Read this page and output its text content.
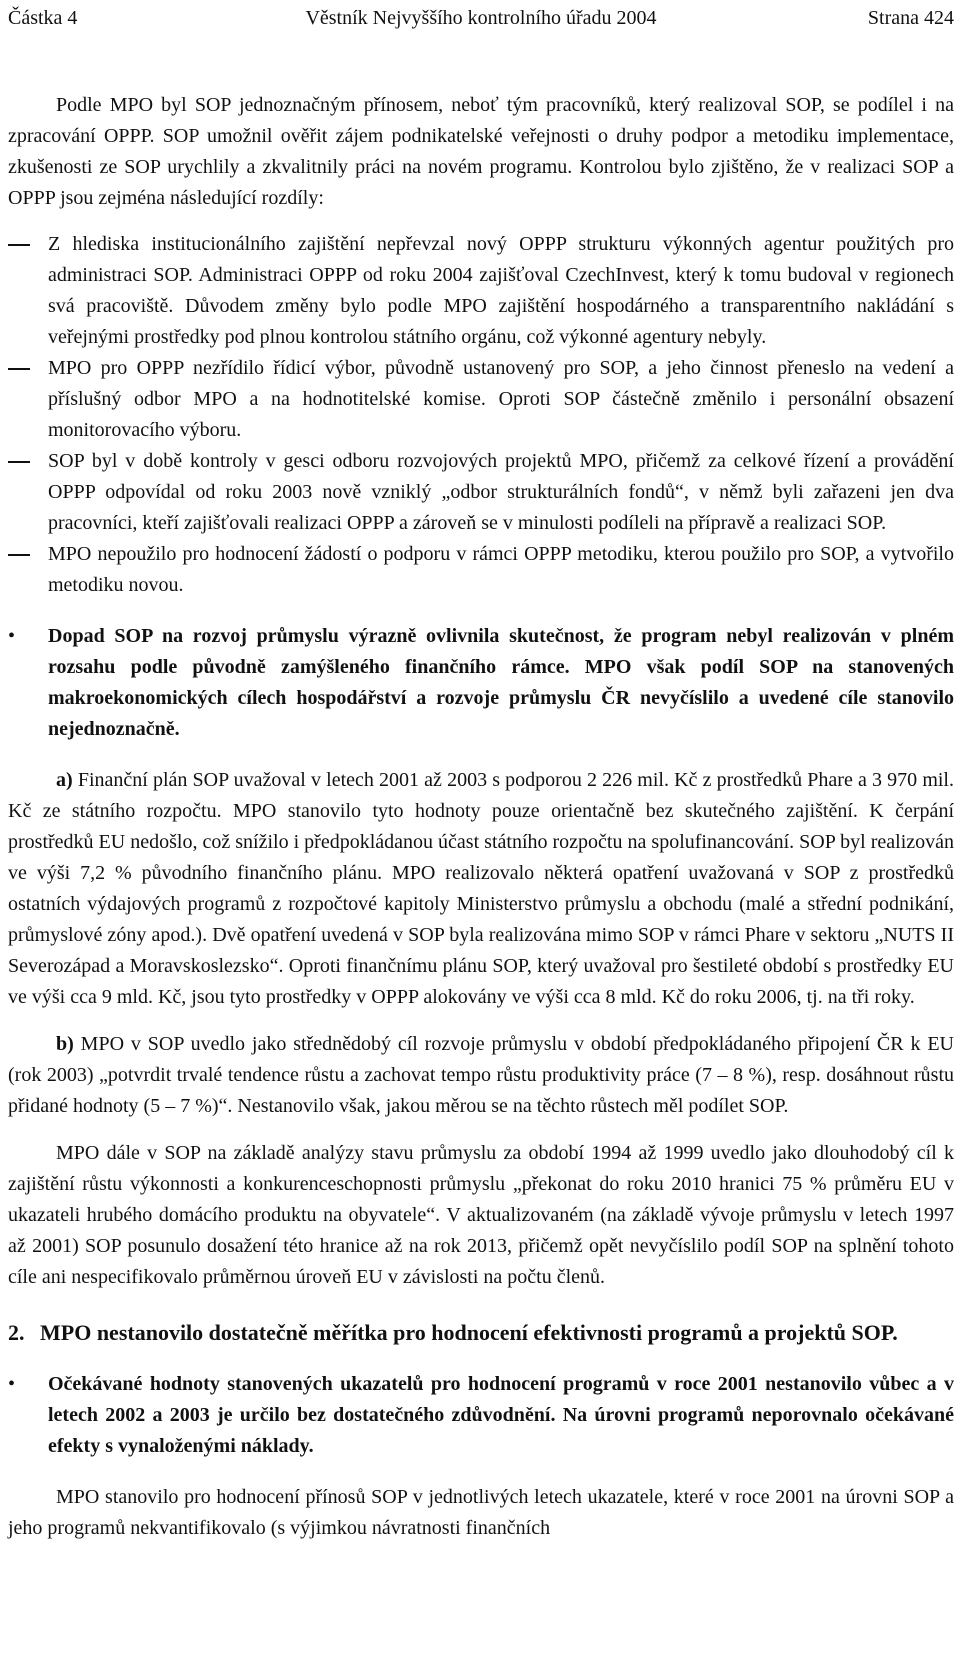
Částka 4	Věstník Nejvyššího kontrolního úřadu 2004	Strana 424

Podle MPO byl SOP jednoznačným přínosem, neboť tým pracovníků, který realizoval SOP, se podílel i na zpracování OPPP. SOP umožnil ověřit zájem podnikatelské veřejnosti o druhy podpor a metodiku implementace, zkušenosti ze SOP urychlily a zkvalitnily práci na novém programu. Kontrolou bylo zjištěno, že v realizaci SOP a OPPP jsou zejména následující rozdíly:

Z hlediska institucionálního zajištění nepřevzal nový OPPP strukturu výkonných agentur použitých pro administraci SOP. Administraci OPPP od roku 2004 zajišťoval CzechInvest, který k tomu budoval v regionech svá pracoviště. Důvodem změny bylo podle MPO zajištění hospodárného a transparentního nakládání s veřejnými prostředky pod plnou kontrolou státního orgánu, což výkonné agentury nebyly.
MPO pro OPPP nezřídilo řídicí výbor, původně ustanovený pro SOP, a jeho činnost přeneslo na vedení a příslušný odbor MPO a na hodnotitelské komise. Oproti SOP částečně změnilo i personální obsazení monitorovacího výboru.
SOP byl v době kontroly v gesci odboru rozvojových projektů MPO, přičemž za celkové řízení a provádění OPPP odpovídal od roku 2003 nově vzniklý „odbor strukturálních fondů“, v němž byli zařazeni jen dva pracovníci, kteří zajišťovali realizaci OPPP a zároveň se v minulosti podíleli na přípravě a realizaci SOP.
MPO nepoužilo pro hodnocení žádostí o podporu v rámci OPPP metodiku, kterou použilo pro SOP, a vytvořilo metodiku novou.
• Dopad SOP na rozvoj průmyslu výrazně ovlivnila skutečnost, že program nebyl realizován v plném rozsahu podle původně zamýšleného finančního rámce. MPO však podíl SOP na stanovených makroekonomických cílech hospodářství a rozvoje průmyslu ČR nevyčíslilo a uvedené cíle stanovilo nejednoznačně.

a) Finanční plán SOP uvažoval v letech 2001 až 2003 s podporou 2 226 mil. Kč z prostředků Phare a 3 970 mil. Kč ze státního rozpočtu. MPO stanovilo tyto hodnoty pouze orientačně bez skutečného zajištění. K čerpání prostředků EU nedošlo, což snížilo i předpokládanou účast státního rozpočtu na spolufinancování. SOP byl realizován ve výši 7,2 % původního finančního plánu. MPO realizovalo některá opatření uvažovaná v SOP z prostředků ostatních výdajových programů z rozpočtové kapitoly Ministerstvo průmyslu a obchodu (malé a střední podnikání, průmyslové zóny apod.). Dvě opatření uvedená v SOP byla realizována mimo SOP v rámci Phare v sektoru „NUTS II Severozápad a Moravskoslezsko“. Oproti finančnímu plánu SOP, který uvažoval pro šestileté období s prostředky EU ve výši cca 9 mld. Kč, jsou tyto prostředky v OPPP alokovány ve výši cca 8 mld. Kč do roku 2006, tj. na tři roky.

b) MPO v SOP uvedlo jako střednědobý cíl rozvoje průmyslu v období předpokládaného připojení ČR k EU (rok 2003) „potvrdit trvalé tendence růstu a zachovat tempo růstu produktivity práce (7 – 8 %), resp. dosáhnout růstu přidané hodnoty (5 – 7 %)“. Nestanovilo však, jakou měrou se na těchto růstech měl podílet SOP.

MPO dále v SOP na základě analýzy stavu průmyslu za období 1994 až 1999 uvedlo jako dlouhodobý cíl k zajištění růstu výkonnosti a konkurenceschopnosti průmyslu „překonat do roku 2010 hranici 75 % průměru EU v ukazateli hrubého domácího produktu na obyvatele“. V aktualizovaném (na základě vývoje průmyslu v letech 1997 až 2001) SOP posunulo dosažení této hranice až na rok 2013, přičemž opět nevyčíslilo podíl SOP na splnění tohoto cíle ani nespecifikovalo průměrnou úroveň EU v závislosti na počtu členů.

2. MPO nestanovilo dostatečně měřítka pro hodnocení efektivnosti programů a projektů SOP.
• Očekávané hodnoty stanovených ukazatelů pro hodnocení programů v roce 2001 nestanovilo vůbec a v letech 2002 a 2003 je určilo bez dostatečného zdůvodnění. Na úrovni programů neporovnalo očekávané efekty s vynaloženými náklady.

MPO stanovilo pro hodnocení přínosů SOP v jednotlivých letech ukazatele, které v roce 2001 na úrovni SOP a jeho programů nekvantifikovalo (s výjimkou návratnosti finančních
